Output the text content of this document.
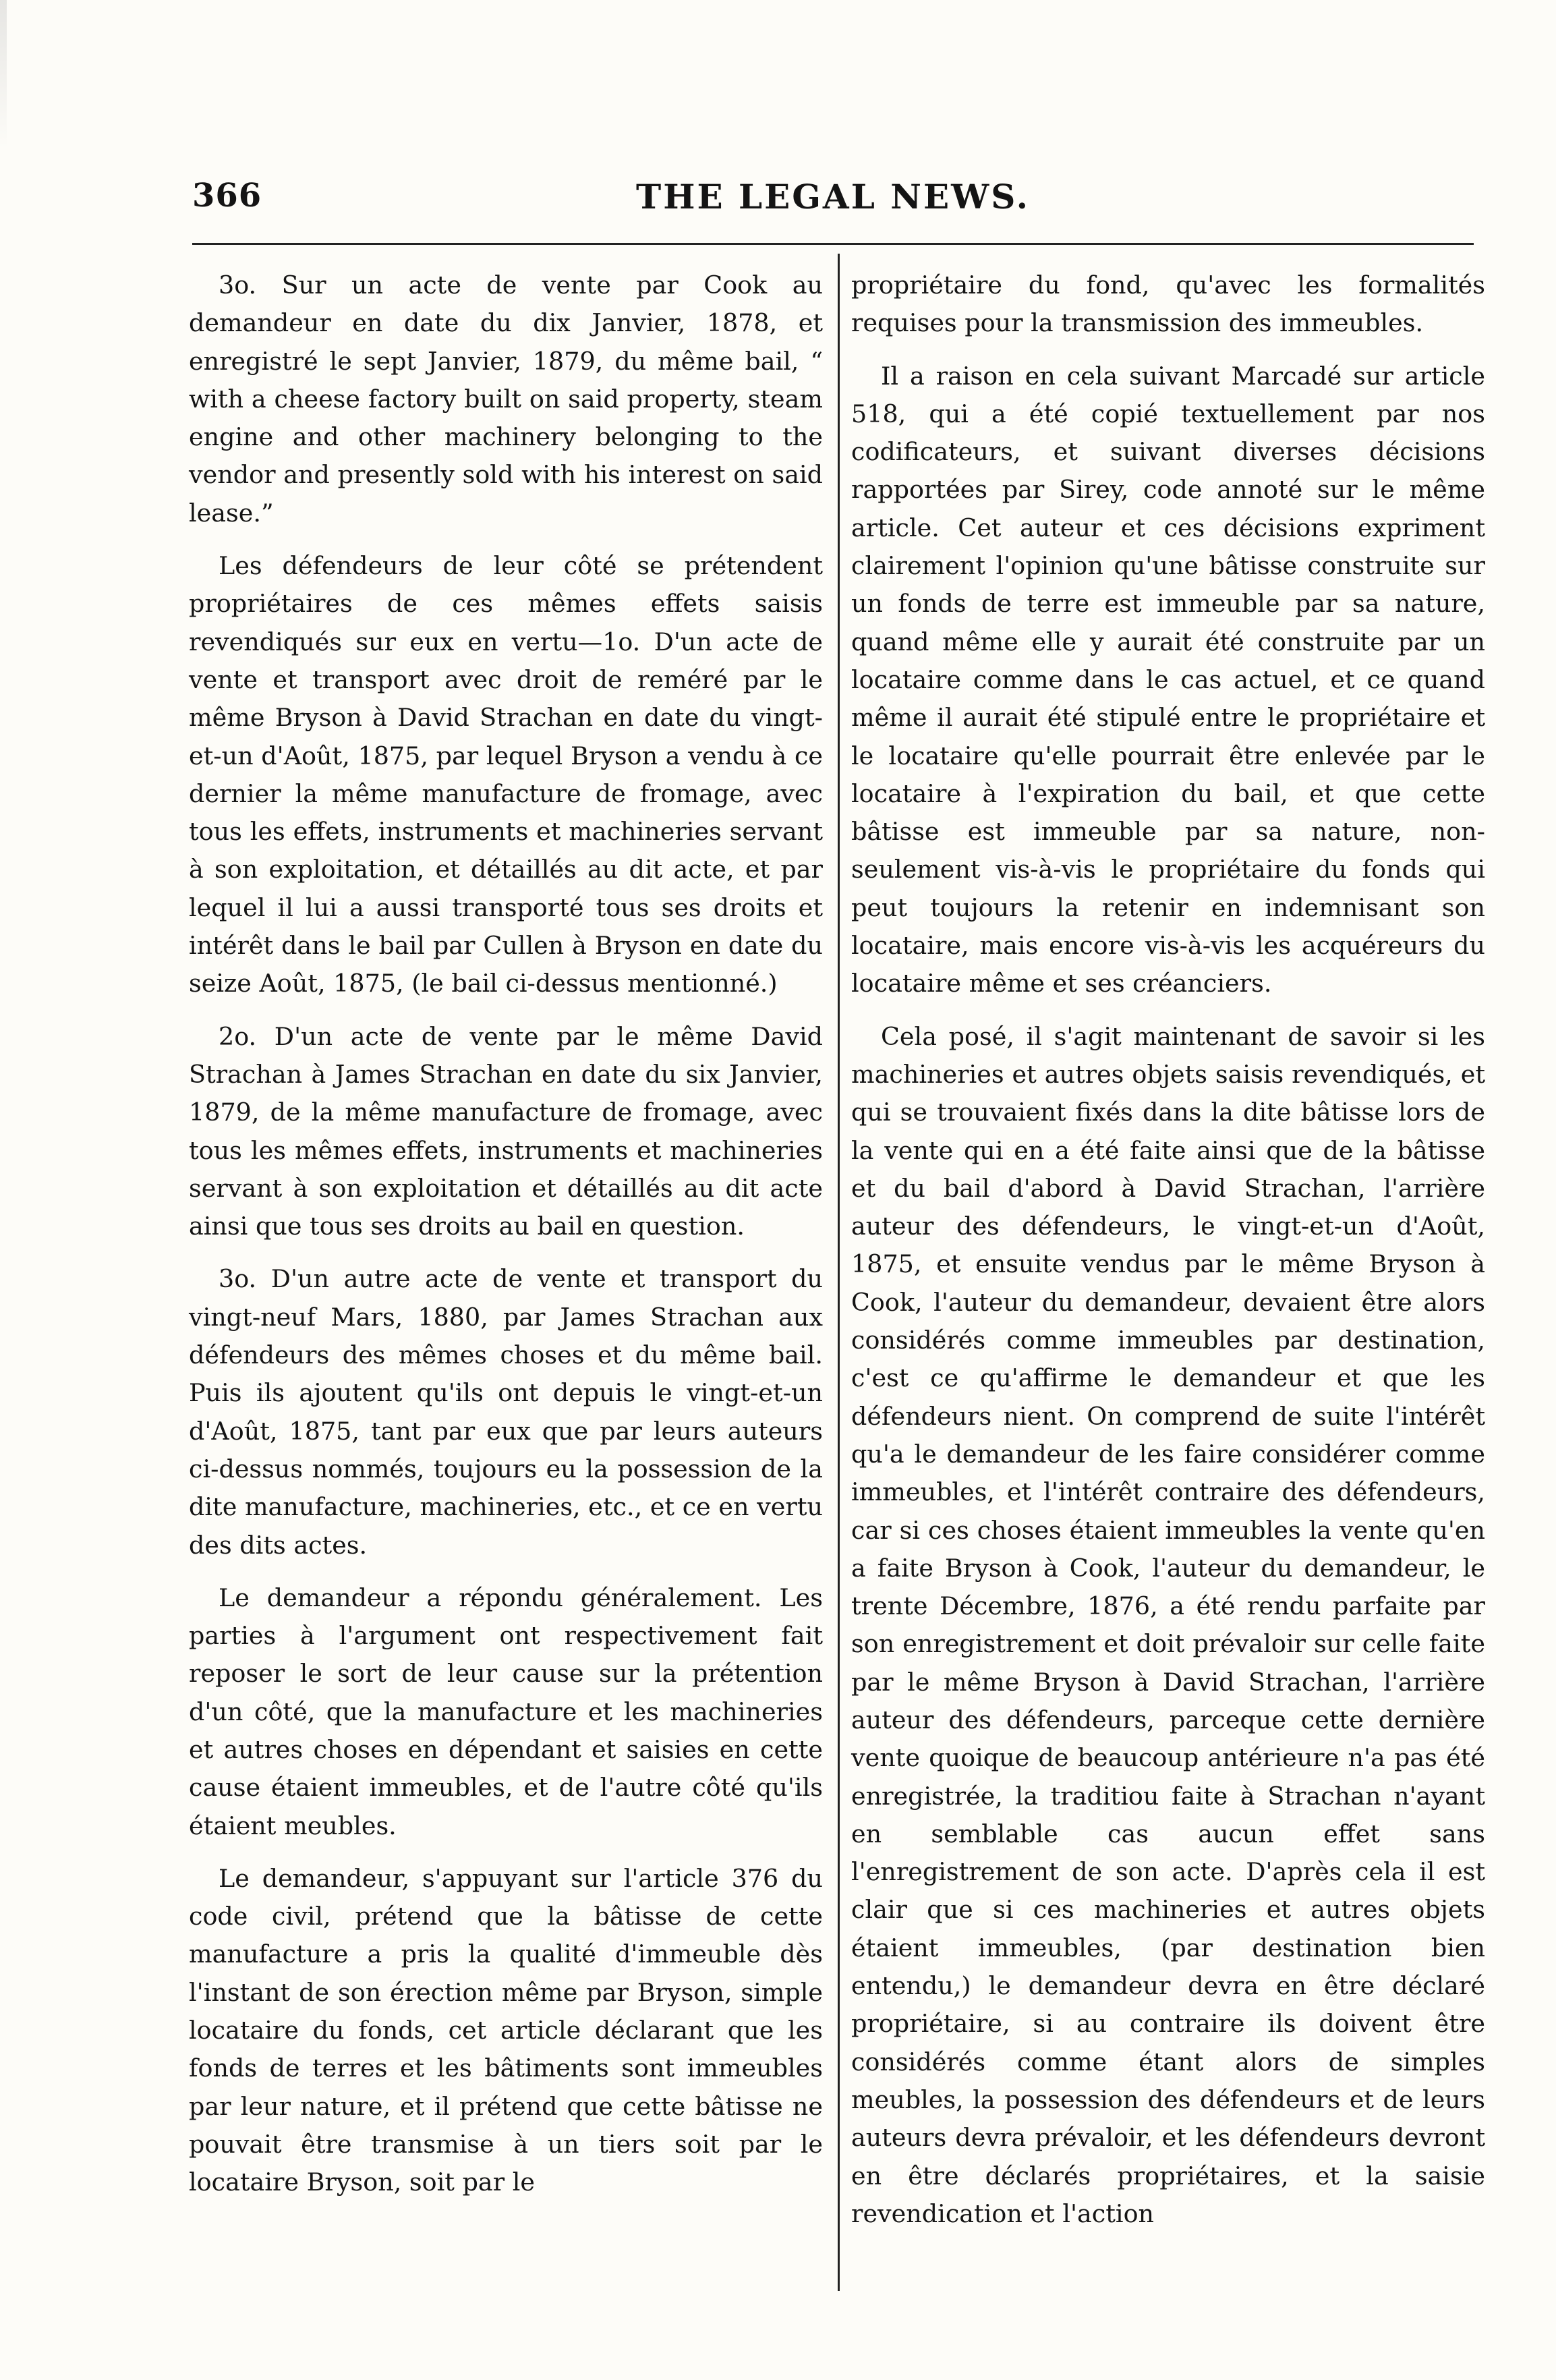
366	THE LEGAL NEWS.

3o. Sur un acte de vente par Cook au demandeur en date du dix Janvier, 1878, et enregistré le sept Janvier, 1879, du même bail, “ with a cheese factory built on said property, steam engine and other machinery belonging to the vendor and presently sold with his interest on said lease.”

Les défendeurs de leur côté se prétendent propriétaires de ces mêmes effets saisis revendiqués sur eux en vertu—1o. D'un acte de vente et transport avec droit de reméré par le même Bryson à David Strachan en date du vingt-et-un d'Août, 1875, par lequel Bryson a vendu à ce dernier la même manufacture de fromage, avec tous les effets, instruments et machineries servant à son exploitation, et détaillés au dit acte, et par lequel il lui a aussi transporté tous ses droits et intérêt dans le bail par Cullen à Bryson en date du seize Août, 1875, (le bail ci-dessus mentionné.)

2o. D'un acte de vente par le même David Strachan à James Strachan en date du six Janvier, 1879, de la même manufacture de fromage, avec tous les mêmes effets, instruments et machineries servant à son exploitation et détaillés au dit acte ainsi que tous ses droits au bail en question.

3o. D'un autre acte de vente et transport du vingt-neuf Mars, 1880, par James Strachan aux défendeurs des mêmes choses et du même bail. Puis ils ajoutent qu'ils ont depuis le vingt-et-un d'Août, 1875, tant par eux que par leurs auteurs ci-dessus nommés, toujours eu la possession de la dite manufacture, machineries, etc., et ce en vertu des dits actes.

Le demandeur a répondu généralement. Les parties à l'argument ont respectivement fait reposer le sort de leur cause sur la prétention d'un côté, que la manufacture et les machineries et autres choses en dépendant et saisies en cette cause étaient immeubles, et de l'autre côté qu'ils étaient meubles.

Le demandeur, s'appuyant sur l'article 376 du code civil, prétend que la bâtisse de cette manufacture a pris la qualité d'immeuble dès l'instant de son érection même par Bryson, simple locataire du fonds, cet article déclarant que les fonds de terres et les bâtiments sont immeubles par leur nature, et il prétend que cette bâtisse ne pouvait être transmise à un tiers soit par le locataire Bryson, soit par le

propriétaire du fond, qu'avec les formalités requises pour la transmission des immeubles.

Il a raison en cela suivant Marcadé sur article 518, qui a été copié textuellement par nos codificateurs, et suivant diverses décisions rapportées par Sirey, code annoté sur le même article. Cet auteur et ces décisions expriment clairement l'opinion qu'une bâtisse construite sur un fonds de terre est immeuble par sa nature, quand même elle y aurait été construite par un locataire comme dans le cas actuel, et ce quand même il aurait été stipulé entre le propriétaire et le locataire qu'elle pourrait être enlevée par le locataire à l'expiration du bail, et que cette bâtisse est immeuble par sa nature, non-seulement vis-à-vis le propriétaire du fonds qui peut toujours la retenir en indemnisant son locataire, mais encore vis-à-vis les acquéreurs du locataire même et ses créanciers.

Cela posé, il s'agit maintenant de savoir si les machineries et autres objets saisis revendiqués, et qui se trouvaient fixés dans la dite bâtisse lors de la vente qui en a été faite ainsi que de la bâtisse et du bail d'abord à David Strachan, l'arrière auteur des défendeurs, le vingt-et-un d'Août, 1875, et ensuite vendus par le même Bryson à Cook, l'auteur du demandeur, devaient être alors considérés comme immeubles par destination, c'est ce qu'affirme le demandeur et que les défendeurs nient. On comprend de suite l'intérêt qu'a le demandeur de les faire considérer comme immeubles, et l'intérêt contraire des défendeurs, car si ces choses étaient immeubles la vente qu'en a faite Bryson à Cook, l'auteur du demandeur, le trente Décembre, 1876, a été rendu parfaite par son enregistrement et doit prévaloir sur celle faite par le même Bryson à David Strachan, l'arrière auteur des défendeurs, parceque cette dernière vente quoique de beaucoup antérieure n'a pas été enregistrée, la traditiou faite à Strachan n'ayant en semblable cas aucun effet sans l'enregistrement de son acte. D'après cela il est clair que si ces machineries et autres objets étaient immeubles, (par destination bien entendu,) le demandeur devra en être déclaré propriétaire, si au contraire ils doivent être considérés comme étant alors de simples meubles, la possession des défendeurs et de leurs auteurs devra prévaloir, et les défendeurs devront en être déclarés propriétaires, et la saisie revendication et l'action
